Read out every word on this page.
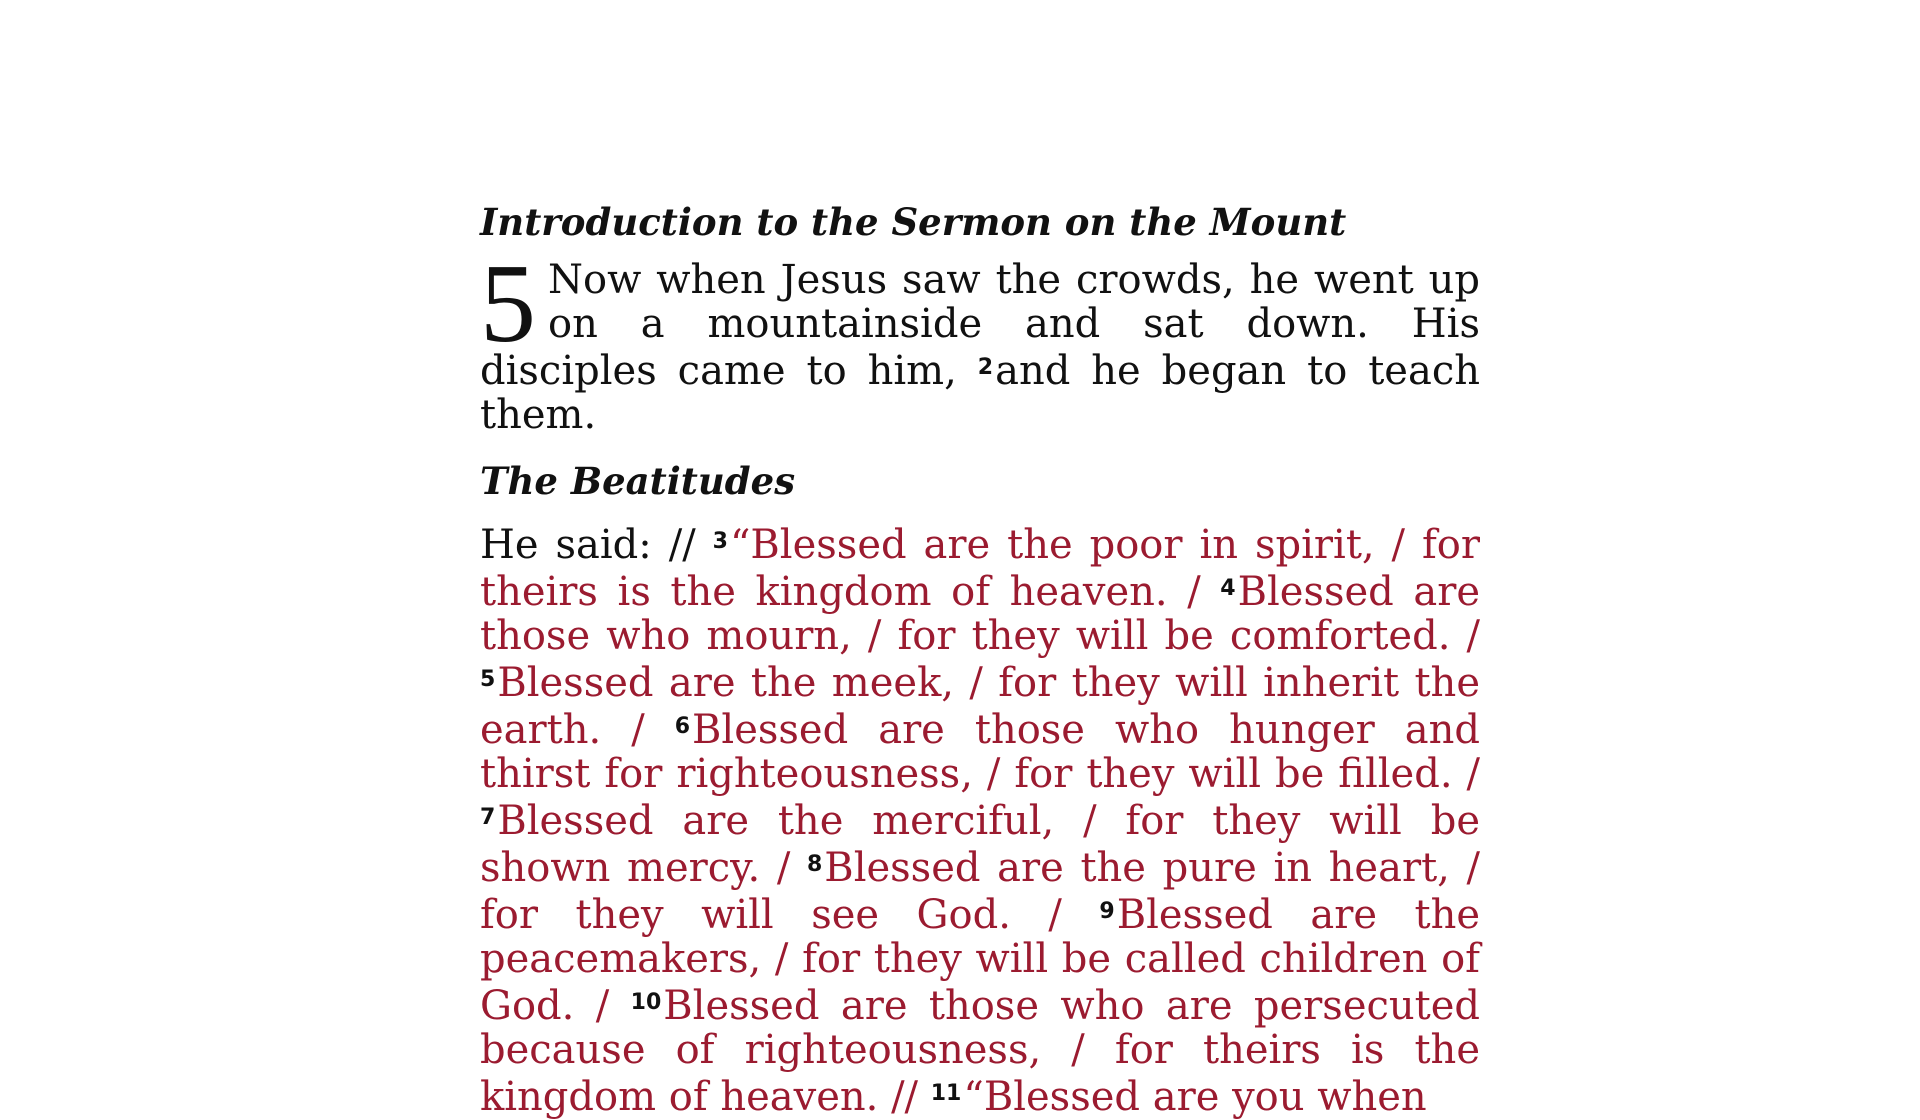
Introduction to the Sermon on the Mount

5 Now when Jesus saw the crowds, he went up on a mountainside and sat down. His disciples came to him, $^2$and he began to teach them.

The Beatitudes

He said: // $^3$“Blessed are the poor in spirit, / for theirs is the kingdom of heaven. / $^4$Blessed are those who mourn, / for they will be comforted. / $^5$Blessed are the meek, / for they will inherit the earth. / $^6$Blessed are those who hunger and thirst for righteousness, / for they will be filled. / $^7$Blessed are the merciful, / for they will be shown mercy. / $^8$Blessed are the pure in heart, / for they will see God. / $^9$Blessed are the peacemakers, / for they will be called children of God. / $^{10}$Blessed are those who are persecuted because of righteousness, / for theirs is the kingdom of heaven. // $^{11}$“Blessed are you when
